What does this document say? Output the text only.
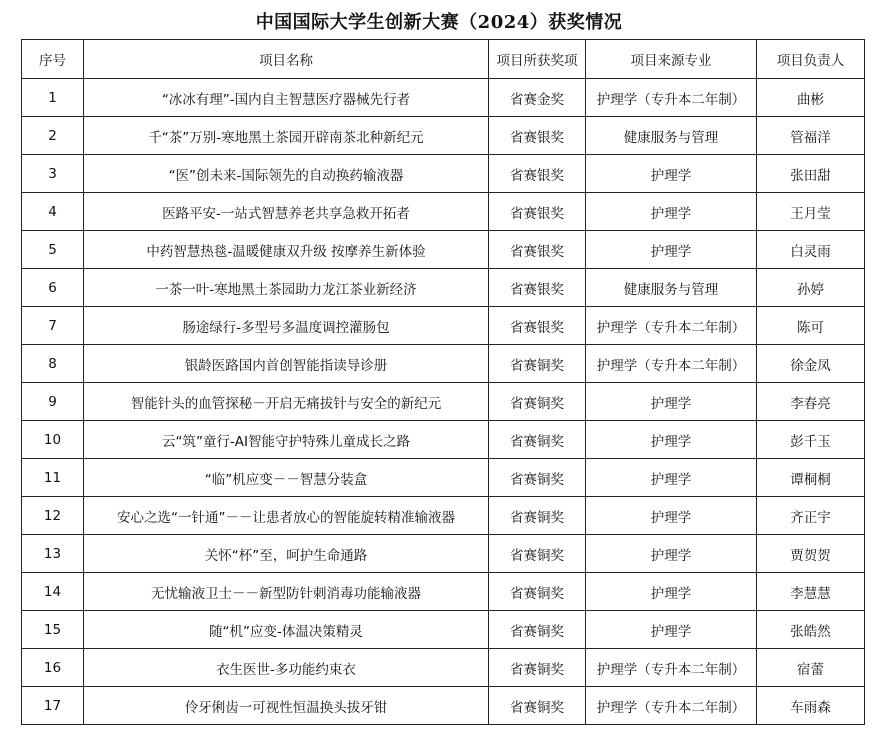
中国国际大学生创新大赛（2024）获奖情况
序号	项目名称	项目所获奖项	项目来源专业	项目负责人
1	“冰冰有理”-国内自主智慧医疗器械先行者	省赛金奖	护理学（专升本二年制）	曲彬
2	千“茶”万别-寒地黑土茶园开辟南茶北种新纪元	省赛银奖	健康服务与管理	管福洋
3	“医”创未来-国际领先的自动换药输液器	省赛银奖	护理学	张田甜
4	医路平安-一站式智慧养老共享急救开拓者	省赛银奖	护理学	王月莹
5	中药智慧热毯-温暖健康双升级 按摩养生新体验	省赛银奖	护理学	白灵雨
6	一茶一叶-寒地黑土茶园助力龙江茶业新经济	省赛银奖	健康服务与管理	孙婷
7	肠途绿行-多型号多温度调控灌肠包	省赛银奖	护理学（专升本二年制）	陈可
8	银龄医路国内首创智能指读导诊册	省赛铜奖	护理学（专升本二年制）	徐金凤
9	智能针头的血管探秘－开启无痛拔针与安全的新纪元	省赛铜奖	护理学	李春亮
10	云“筑”童行-AI智能守护特殊儿童成长之路	省赛铜奖	护理学	彭千玉
11	“临”机应变－－智慧分装盒	省赛铜奖	护理学	谭桐桐
12	安心之选“一针通”－－让患者放心的智能旋转精准输液器	省赛铜奖	护理学	齐正宇
13	关怀“杯”至，呵护生命通路	省赛铜奖	护理学	贾贺贺
14	无忧输液卫士－－新型防针刺消毒功能输液器	省赛铜奖	护理学	李慧慧
15	随“机”应变-体温决策精灵	省赛铜奖	护理学	张皓然
16	衣生医世-多功能约束衣	省赛铜奖	护理学（专升本二年制）	宿蕾
17	伶牙俐齿一可视性恒温换头拔牙钳	省赛铜奖	护理学（专升本二年制）	车雨森
